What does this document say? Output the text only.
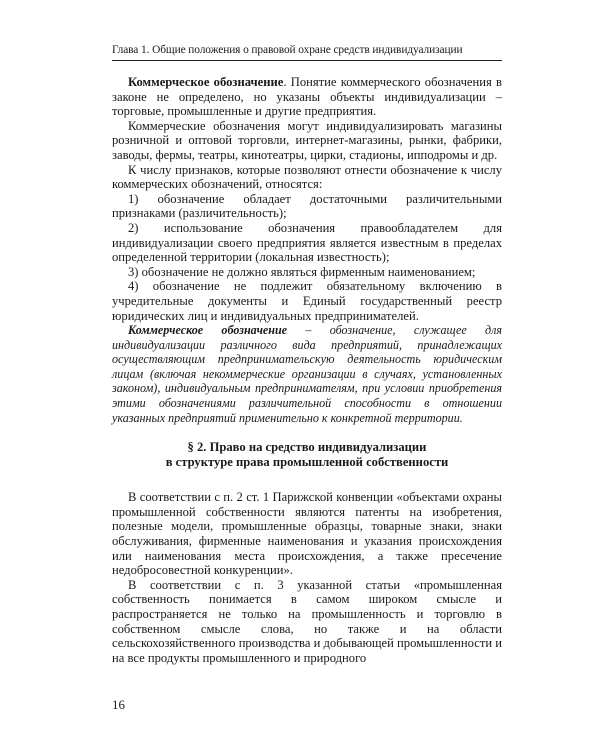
Глава 1. Общие положения о правовой охране средств индивидуализации

Коммерческое обозначение. Понятие коммерческого обозначения в законе не определено, но указаны объекты индивидуализации – торговые, промышленные и другие предприятия.

Коммерческие обозначения могут индивидуализировать магазины розничной и оптовой торговли, интернет-магазины, рынки, фабрики, заводы, фермы, театры, кинотеатры, цирки, стадионы, ипподромы и др.

К числу признаков, которые позволяют отнести обозначение к числу коммерческих обозначений, относятся:

1) обозначение обладает достаточными различительными признаками (различительность);

2) использование обозначения правообладателем для индивидуализации своего предприятия является известным в пределах определенной территории (локальная известность);

3) обозначение не должно являться фирменным наименованием;

4) обозначение не подлежит обязательному включению в учредительные документы и Единый государственный реестр юридических лиц и индивидуальных предпринимателей.

Коммерческое обозначение – обозначение, служащее для индивидуализации различного вида предприятий, принадлежащих осуществляющим предпринимательскую деятельность юридическим лицам (включая некоммерческие организации в случаях, установленных законом), индивидуальным предпринимателям, при условии приобретения этими обозначениями различительной способности в отношении указанных предприятий применительно к конкретной территории.

§ 2. Право на средство индивидуализации
в структуре права промышленной собственности

В соответствии с п. 2 ст. 1 Парижской конвенции «объектами охраны промышленной собственности являются патенты на изобретения, полезные модели, промышленные образцы, товарные знаки, знаки обслуживания, фирменные наименования и указания происхождения или наименования места происхождения, а также пресечение недобросовестной конкуренции».

В соответствии с п. 3 указанной статьи «промышленная собственность понимается в самом широком смысле и распространяется не только на промышленность и торговлю в собственном смысле слова, но также и на области сельскохозяйственного производства и добывающей промышленности и на все продукты промышленного и природного

16
